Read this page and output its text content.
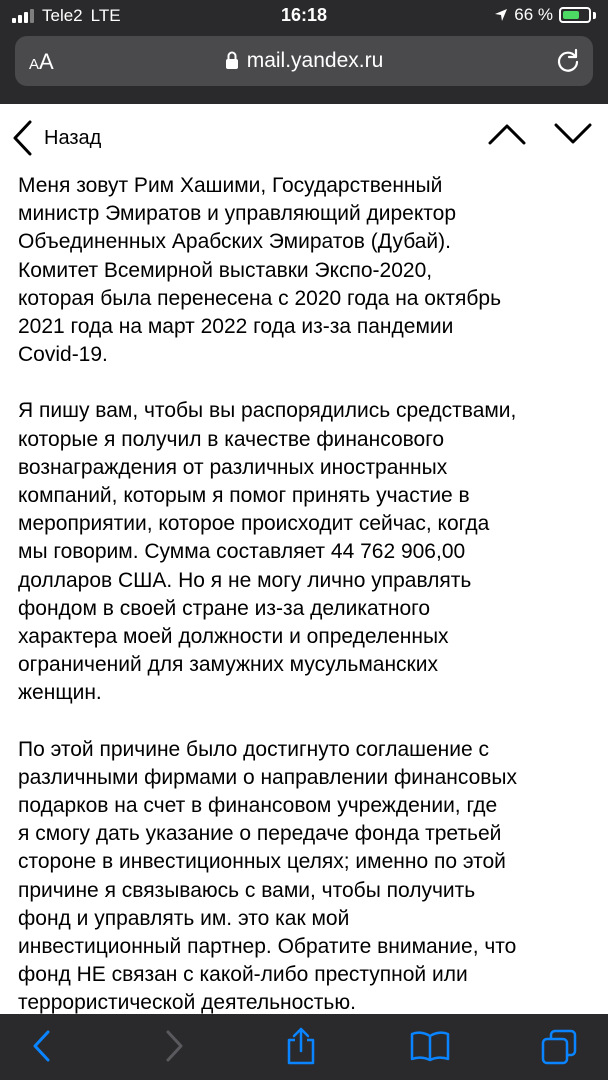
Tele2 LTE	16:18	66 %
AA	mail.yandex.ru
Назад

Меня зовут Рим Хашими, Государственный
министр Эмиратов и управляющий директор
Объединенных Арабских Эмиратов (Дубай).
Комитет Всемирной выставки Экспо-2020,
которая была перенесена с 2020 года на октябрь
2021 года на март 2022 года из-за пандемии
Covid-19.

Я пишу вам, чтобы вы распорядились средствами,
которые я получил в качестве финансового
вознаграждения от различных иностранных
компаний, которым я помог принять участие в
мероприятии, которое происходит сейчас, когда
мы говорим. Сумма составляет 44 762 906,00
долларов США. Но я не могу лично управлять
фондом в своей стране из-за деликатного
характера моей должности и определенных
ограничений для замужних мусульманских
женщин.

По этой причине было достигнуто соглашение с
различными фирмами о направлении финансовых
подарков на счет в финансовом учреждении, где
я смогу дать указание о передаче фонда третьей
стороне в инвестиционных целях; именно по этой
причине я связываюсь с вами, чтобы получить
фонд и управлять им. это как мой
инвестиционный партнер. Обратите внимание, что
фонд НЕ связан с какой-либо преступной или
террористической деятельностью.
